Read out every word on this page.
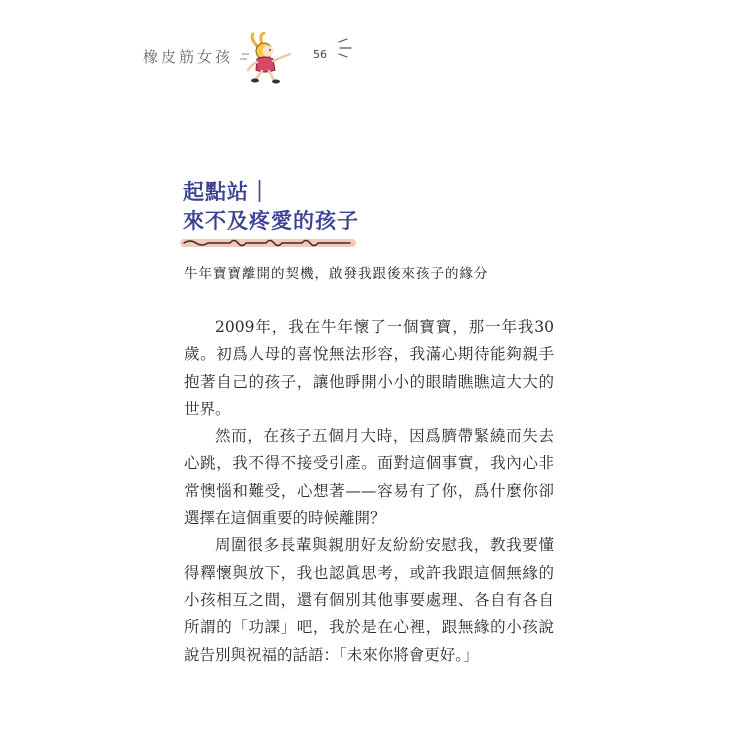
橡皮筋女孩	56
起點站｜
來不及疼愛的孩子
牛年寶寶離開的契機，啟發我跟後來孩子的緣分

2009年，我在牛年懷了一個寶寶，那一年我30歲。初爲人母的喜悅無法形容，我滿心期待能夠親手抱著自己的孩子，讓他睜開小小的眼睛瞧瞧這大大的世界。

然而，在孩子五個月大時，因爲臍帶緊繞而失去心跳，我不得不接受引產。面對這個事實，我內心非常懊惱和難受，心想著——容易有了你，爲什麼你卻選擇在這個重要的時候離開？

周圍很多長輩與親朋好友紛紛安慰我，教我要懂得釋懷與放下，我也認眞思考，或許我跟這個無緣的小孩相互之間，還有個別其他事要處理、各自有各自所謂的「功課」吧，我於是在心裡，跟無緣的小孩說說告別與祝福的話語：「未來你將會更好。」
